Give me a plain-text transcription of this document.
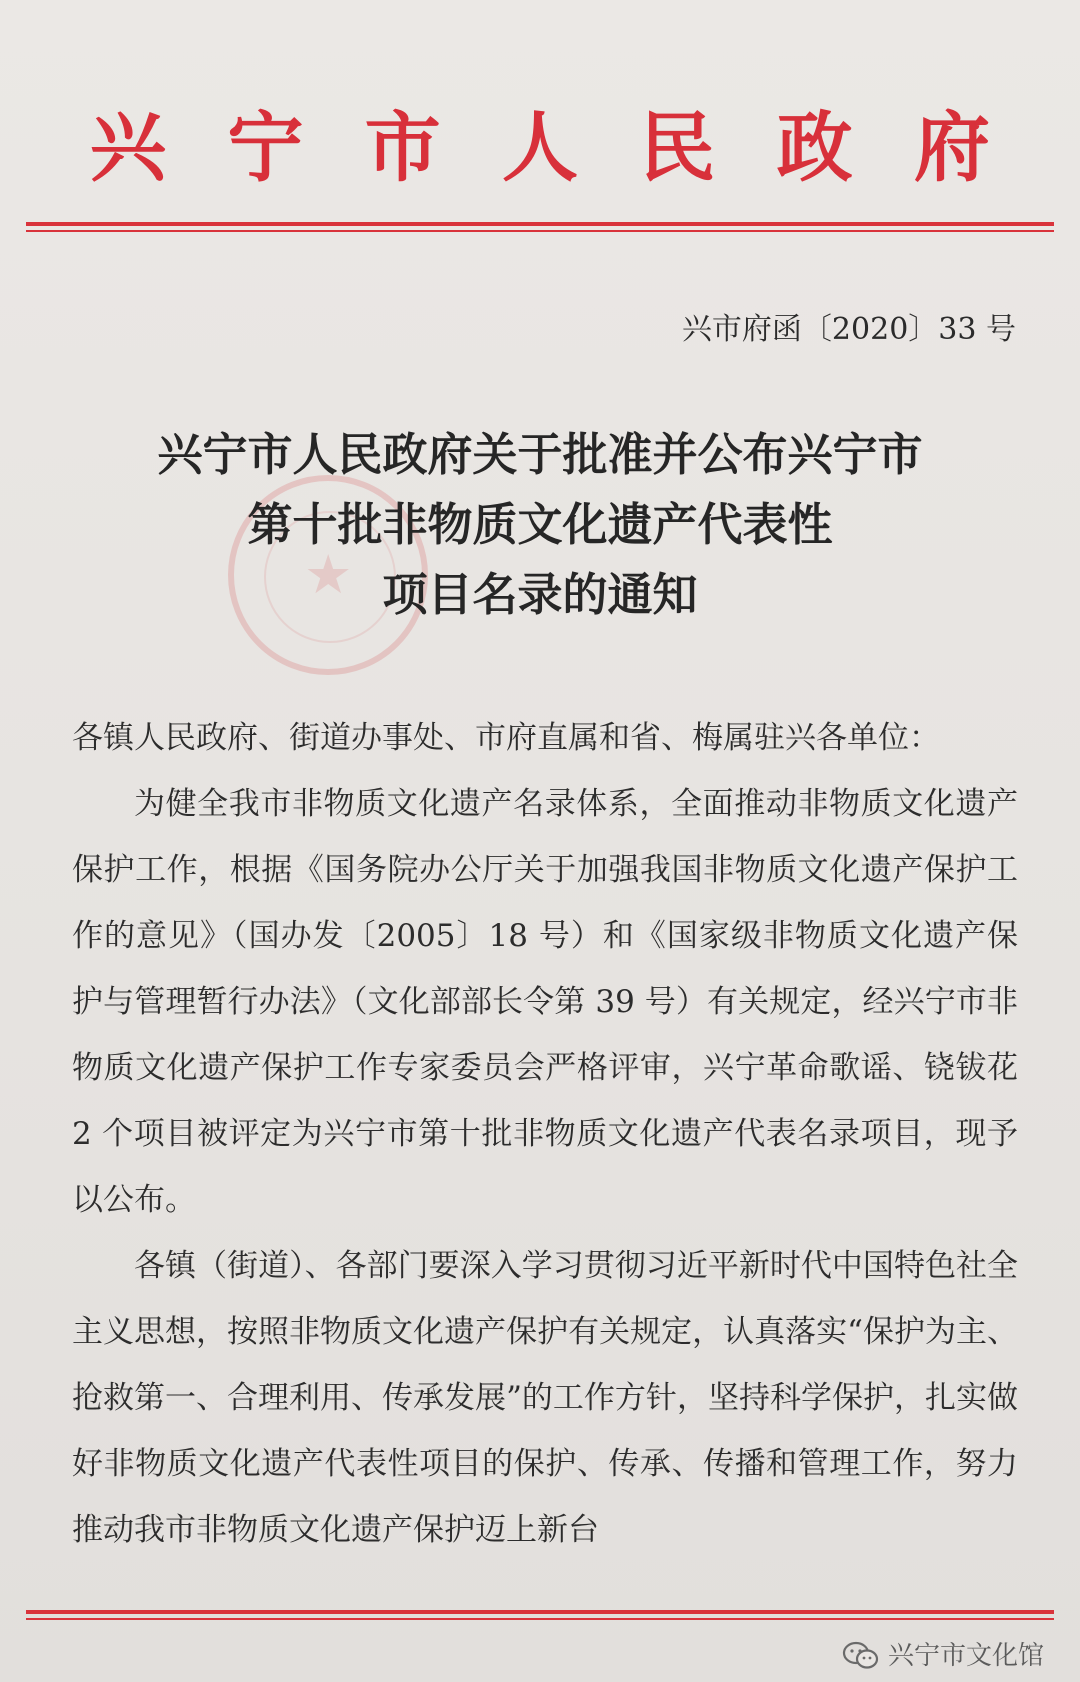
兴 宁 市 人 民 政 府
兴市府函〔2020〕33 号
★
兴宁市人民政府关于批准并公布兴宁市
第十批非物质文化遗产代表性
项目名录的通知

各镇人民政府、街道办事处、市府直属和省、梅属驻兴各单位：

为健全我市非物质文化遗产名录体系，全面推动非物质文化遗产保护工作，根据《国务院办公厅关于加强我国非物质文化遗产保护工作的意见》（国办发〔2005〕18 号）和《国家级非物质文化遗产保护与管理暂行办法》（文化部部长令第 39 号）有关规定，经兴宁市非物质文化遗产保护工作专家委员会严格评审，兴宁革命歌谣、铙钹花 2 个项目被评定为兴宁市第十批非物质文化遗产代表名录项目，现予以公布。

各镇（街道）、各部门要深入学习贯彻习近平新时代中国特色社全主义思想，按照非物质文化遗产保护有关规定，认真落实“保护为主、抢救第一、合理利用、传承发展”的工作方针，坚持科学保护，扎实做好非物质文化遗产代表性项目的保护、传承、传播和管理工作，努力推动我市非物质文化遗产保护迈上新台

兴宁市文化馆
